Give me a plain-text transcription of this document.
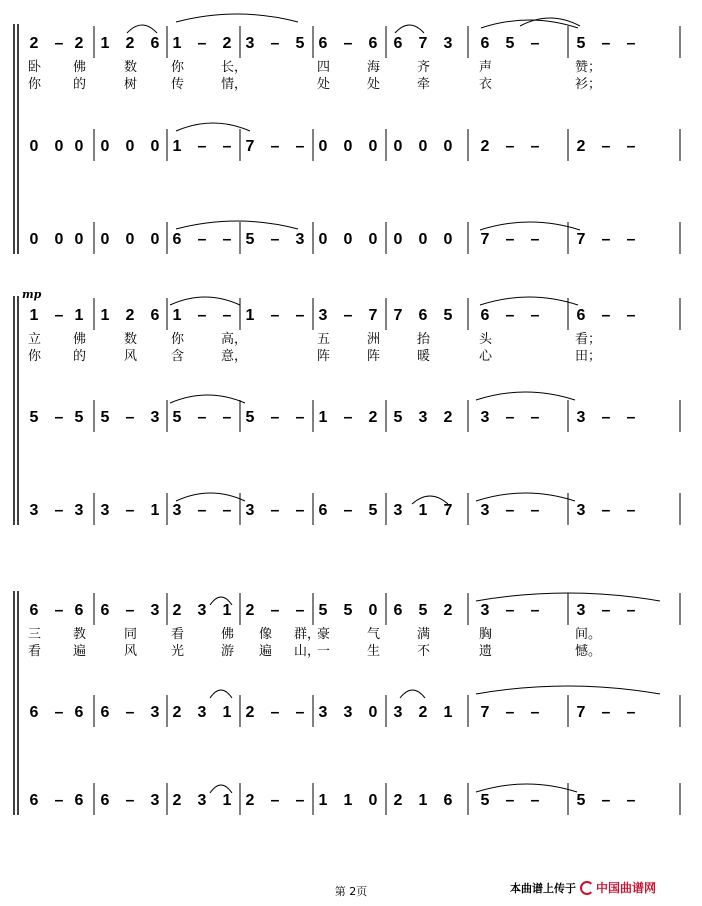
2 – 2 1 2 6 1 – 2 3 – 5 6 – 6 6 7 3 6 5 – 5 – –
卧 佛	数	你	长，	四	海	齐	声	赞；
你 的	树	传	情，	处	处	牵	衣	衫；
0 0 0 0 0 0 1 – – 7 – – 0 0 0 0 0 0 2 – – 2 – –
0 0 0 0 0 0 6 – – 5 – 3 0 0 0 0 0 0 7 – – 7 – –
mp
1 – 1 1 2 6 1 – – 1 – – 3 – 7 7 6 5 6 – – 6 – –
立 佛	数	你	高，	五	洲	抬	头	看；
你 的	风	含	意，	阵	阵	暖	心	田；
5 – 5 5 – 3 5 – – 5 – – 1 – 2 5 3 2 3 – – 3 – –
3 – 3 3 – 1 3 – – 3 – – 6 – 5 3 1 7 3 – – 3 – –
6 – 6 6 – 3 2 3 1 2 – – 5 5 0 6 5 2 3 – – 3 – –
三 教	同	看	佛 像 群，
豪	气	满	胸	间。
看 遍	风	光	游 遍 山，
一	生	不	遗	憾。
6 – 6 6 – 3 2 3 1 2 – – 3 3 0 3 2 1 7 – – 7 – –
6 – 6 6 – 3 2 3 1 2 – – 1 1 0 2 1 6 5 – – 5 – –
第 2页	本曲谱上传于 中国曲谱网
